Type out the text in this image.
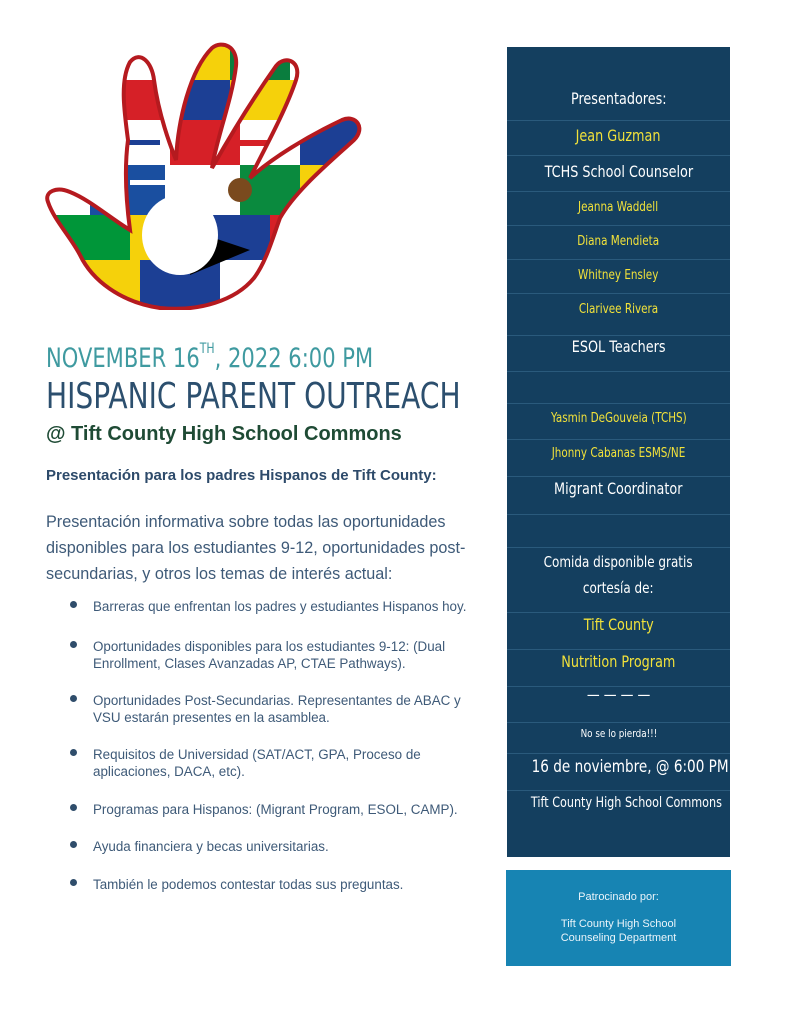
NOVEMBER 16TH, 2022 6:00 PM
HISPANIC PARENT OUTREACH
@ Tift County High School Commons
Presentación para los padres Hispanos de Tift County:
Presentación informativa sobre todas las oportunidades disponibles para los estudiantes 9-12, oportunidades post-secundarias, y otros los temas de interés actual:
Barreras que enfrentan los padres y estudiantes Hispanos hoy.
Oportunidades disponibles para los estudiantes 9-12: (Dual Enrollment, Clases Avanzadas AP, CTAE Pathways).
Oportunidades Post-Secundarias. Representantes de ABAC y VSU estarán presentes en la asamblea.
Requisitos de Universidad (SAT/ACT, GPA, Proceso de aplicaciones, DACA, etc).
Programas para Hispanos: (Migrant Program, ESOL, CAMP).
Ayuda financiera y becas universitarias.
También le podemos contestar todas sus preguntas.
Presentadores:
Jean Guzman
TCHS School Counselor
Jeanna Waddell
Diana Mendieta
Whitney Ensley
Clarivee Rivera
ESOL Teachers
Yasmin DeGouveia (TCHS)
Jhonny Cabanas ESMS/NE
Migrant Coordinator
Comida disponible gratis
cortesía de:
Tift County
Nutrition Program
— — — —
No se lo pierda!!!
16 de noviembre, @ 6:00 PM
Tift County High School Commons
Patrocinado por:
Tift County High School
Counseling Department
